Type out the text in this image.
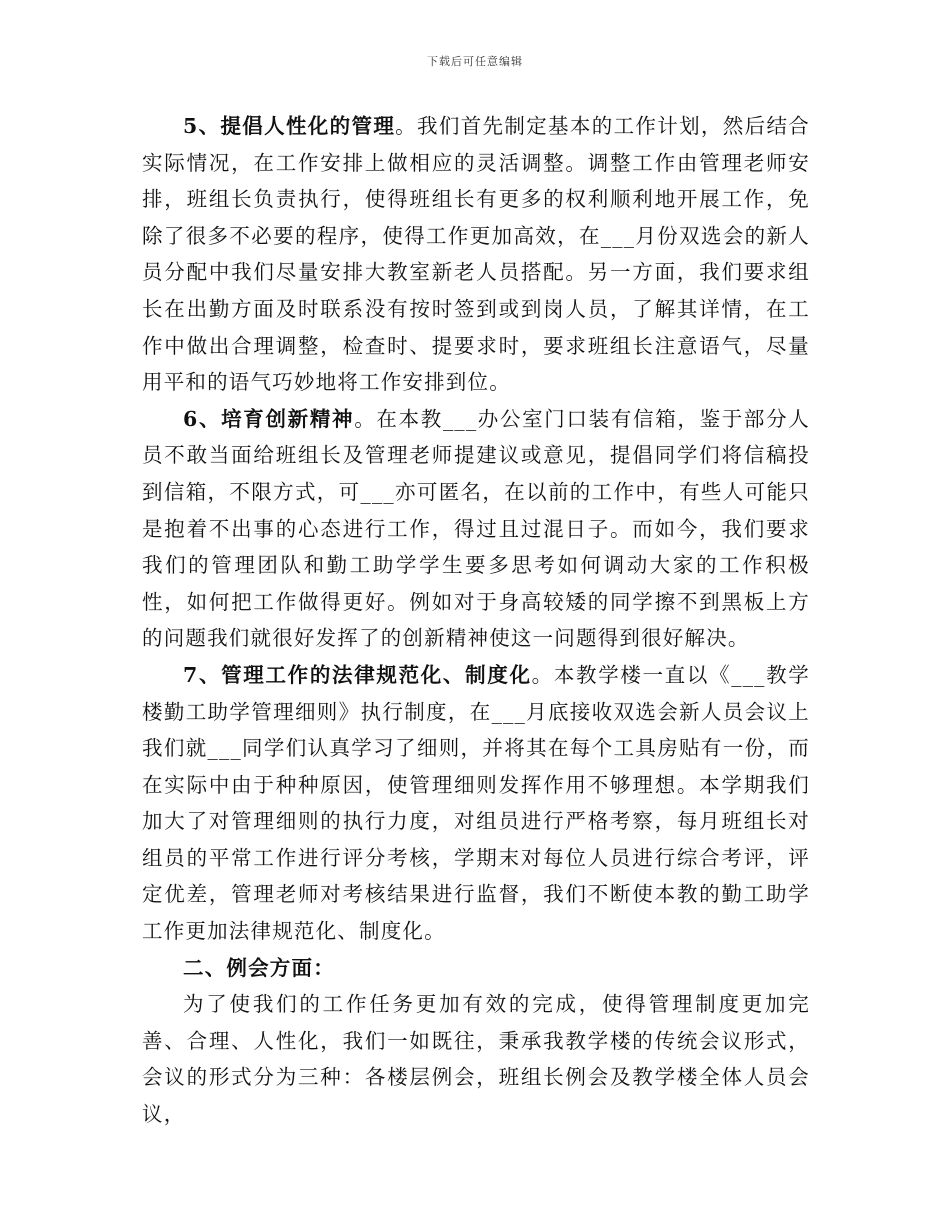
下载后可任意编辑

5、提倡人性化的管理。我们首先制定基本的工作计划，然后结合实际情况，在工作安排上做相应的灵活调整。调整工作由管理老师安排，班组长负责执行，使得班组长有更多的权利顺利地开展工作，免除了很多不必要的程序，使得工作更加高效，在___月份双选会的新人员分配中我们尽量安排大教室新老人员搭配。另一方面，我们要求组长在出勤方面及时联系没有按时签到或到岗人员，了解其详情，在工作中做出合理调整，检查时、提要求时，要求班组长注意语气，尽量用平和的语气巧妙地将工作安排到位。

6、培育创新精神。在本教___办公室门口装有信箱，鉴于部分人员不敢当面给班组长及管理老师提建议或意见，提倡同学们将信稿投到信箱，不限方式，可___亦可匿名，在以前的工作中，有些人可能只是抱着不出事的心态进行工作，得过且过混日子。而如今，我们要求我们的管理团队和勤工助学学生要多思考如何调动大家的工作积极性，如何把工作做得更好。例如对于身高较矮的同学擦不到黑板上方的问题我们就很好发挥了的创新精神使这一问题得到很好解决。

7、管理工作的法律规范化、制度化。本教学楼一直以《___教学楼勤工助学管理细则》执行制度，在___月底接收双选会新人员会议上我们就___同学们认真学习了细则，并将其在每个工具房贴有一份，而在实际中由于种种原因，使管理细则发挥作用不够理想。本学期我们加大了对管理细则的执行力度，对组员进行严格考察，每月班组长对组员的平常工作进行评分考核，学期末对每位人员进行综合考评，评定优差，管理老师对考核结果进行监督，我们不断使本教的勤工助学工作更加法律规范化、制度化。

二、例会方面：

为了使我们的工作任务更加有效的完成，使得管理制度更加完善、合理、人性化，我们一如既往，秉承我教学楼的传统会议形式，会议的形式分为三种：各楼层例会，班组长例会及教学楼全体人员会议，
